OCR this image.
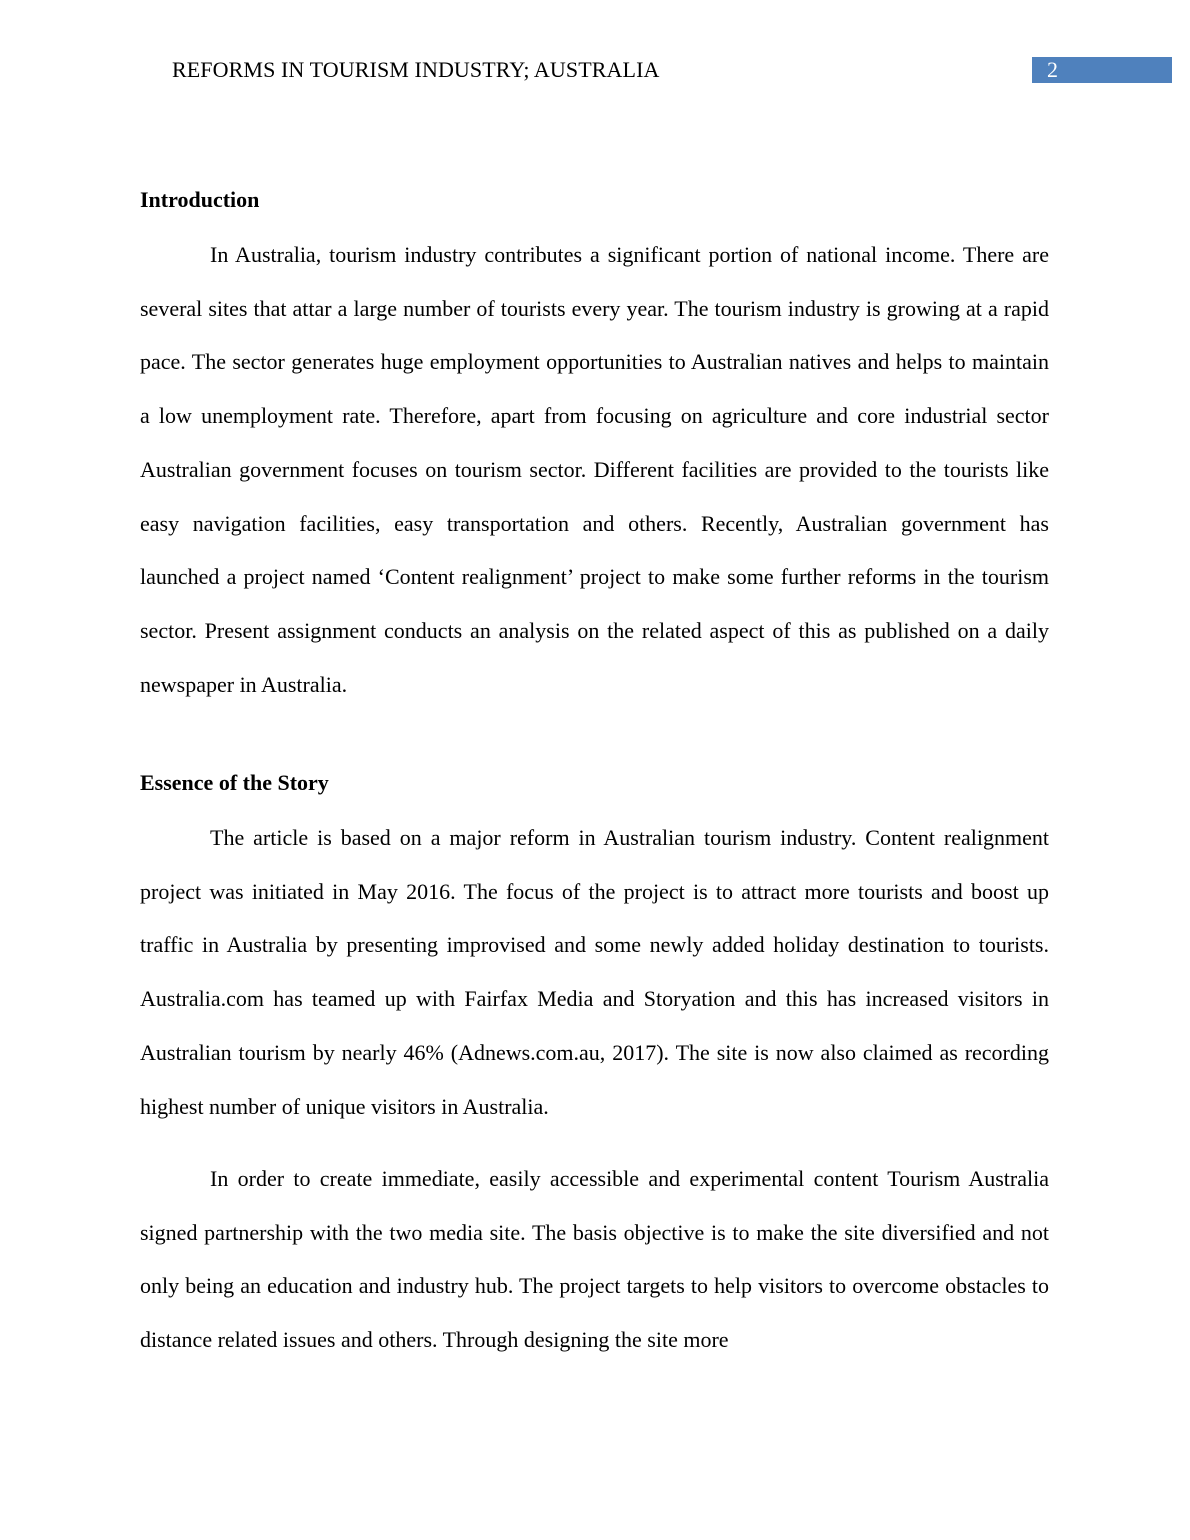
REFORMS IN TOURISM INDUSTRY; AUSTRALIA	2
Introduction

In Australia, tourism industry contributes a significant portion of national income. There are several sites that attar a large number of tourists every year. The tourism industry is growing at a rapid pace. The sector generates huge employment opportunities to Australian natives and helps to maintain a low unemployment rate. Therefore, apart from focusing on agriculture and core industrial sector Australian government focuses on tourism sector. Different facilities are provided to the tourists like easy navigation facilities, easy transportation and others. Recently, Australian government has launched a project named ‘Content realignment’ project to make some further reforms in the tourism sector. Present assignment conducts an analysis on the related aspect of this as published on a daily newspaper in Australia.

Essence of the Story

The article is based on a major reform in Australian tourism industry. Content realignment project was initiated in May 2016. The focus of the project is to attract more tourists and boost up traffic in Australia by presenting improvised and some newly added holiday destination to tourists. Australia.com has teamed up with Fairfax Media and Storyation and this has increased visitors in Australian tourism by nearly 46% (Adnews.com.au, 2017). The site is now also claimed as recording highest number of unique visitors in Australia.

In order to create immediate, easily accessible and experimental content Tourism Australia signed partnership with the two media site. The basis objective is to make the site diversified and not only being an education and industry hub. The project targets to help visitors to overcome obstacles to distance related issues and others. Through designing the site more
